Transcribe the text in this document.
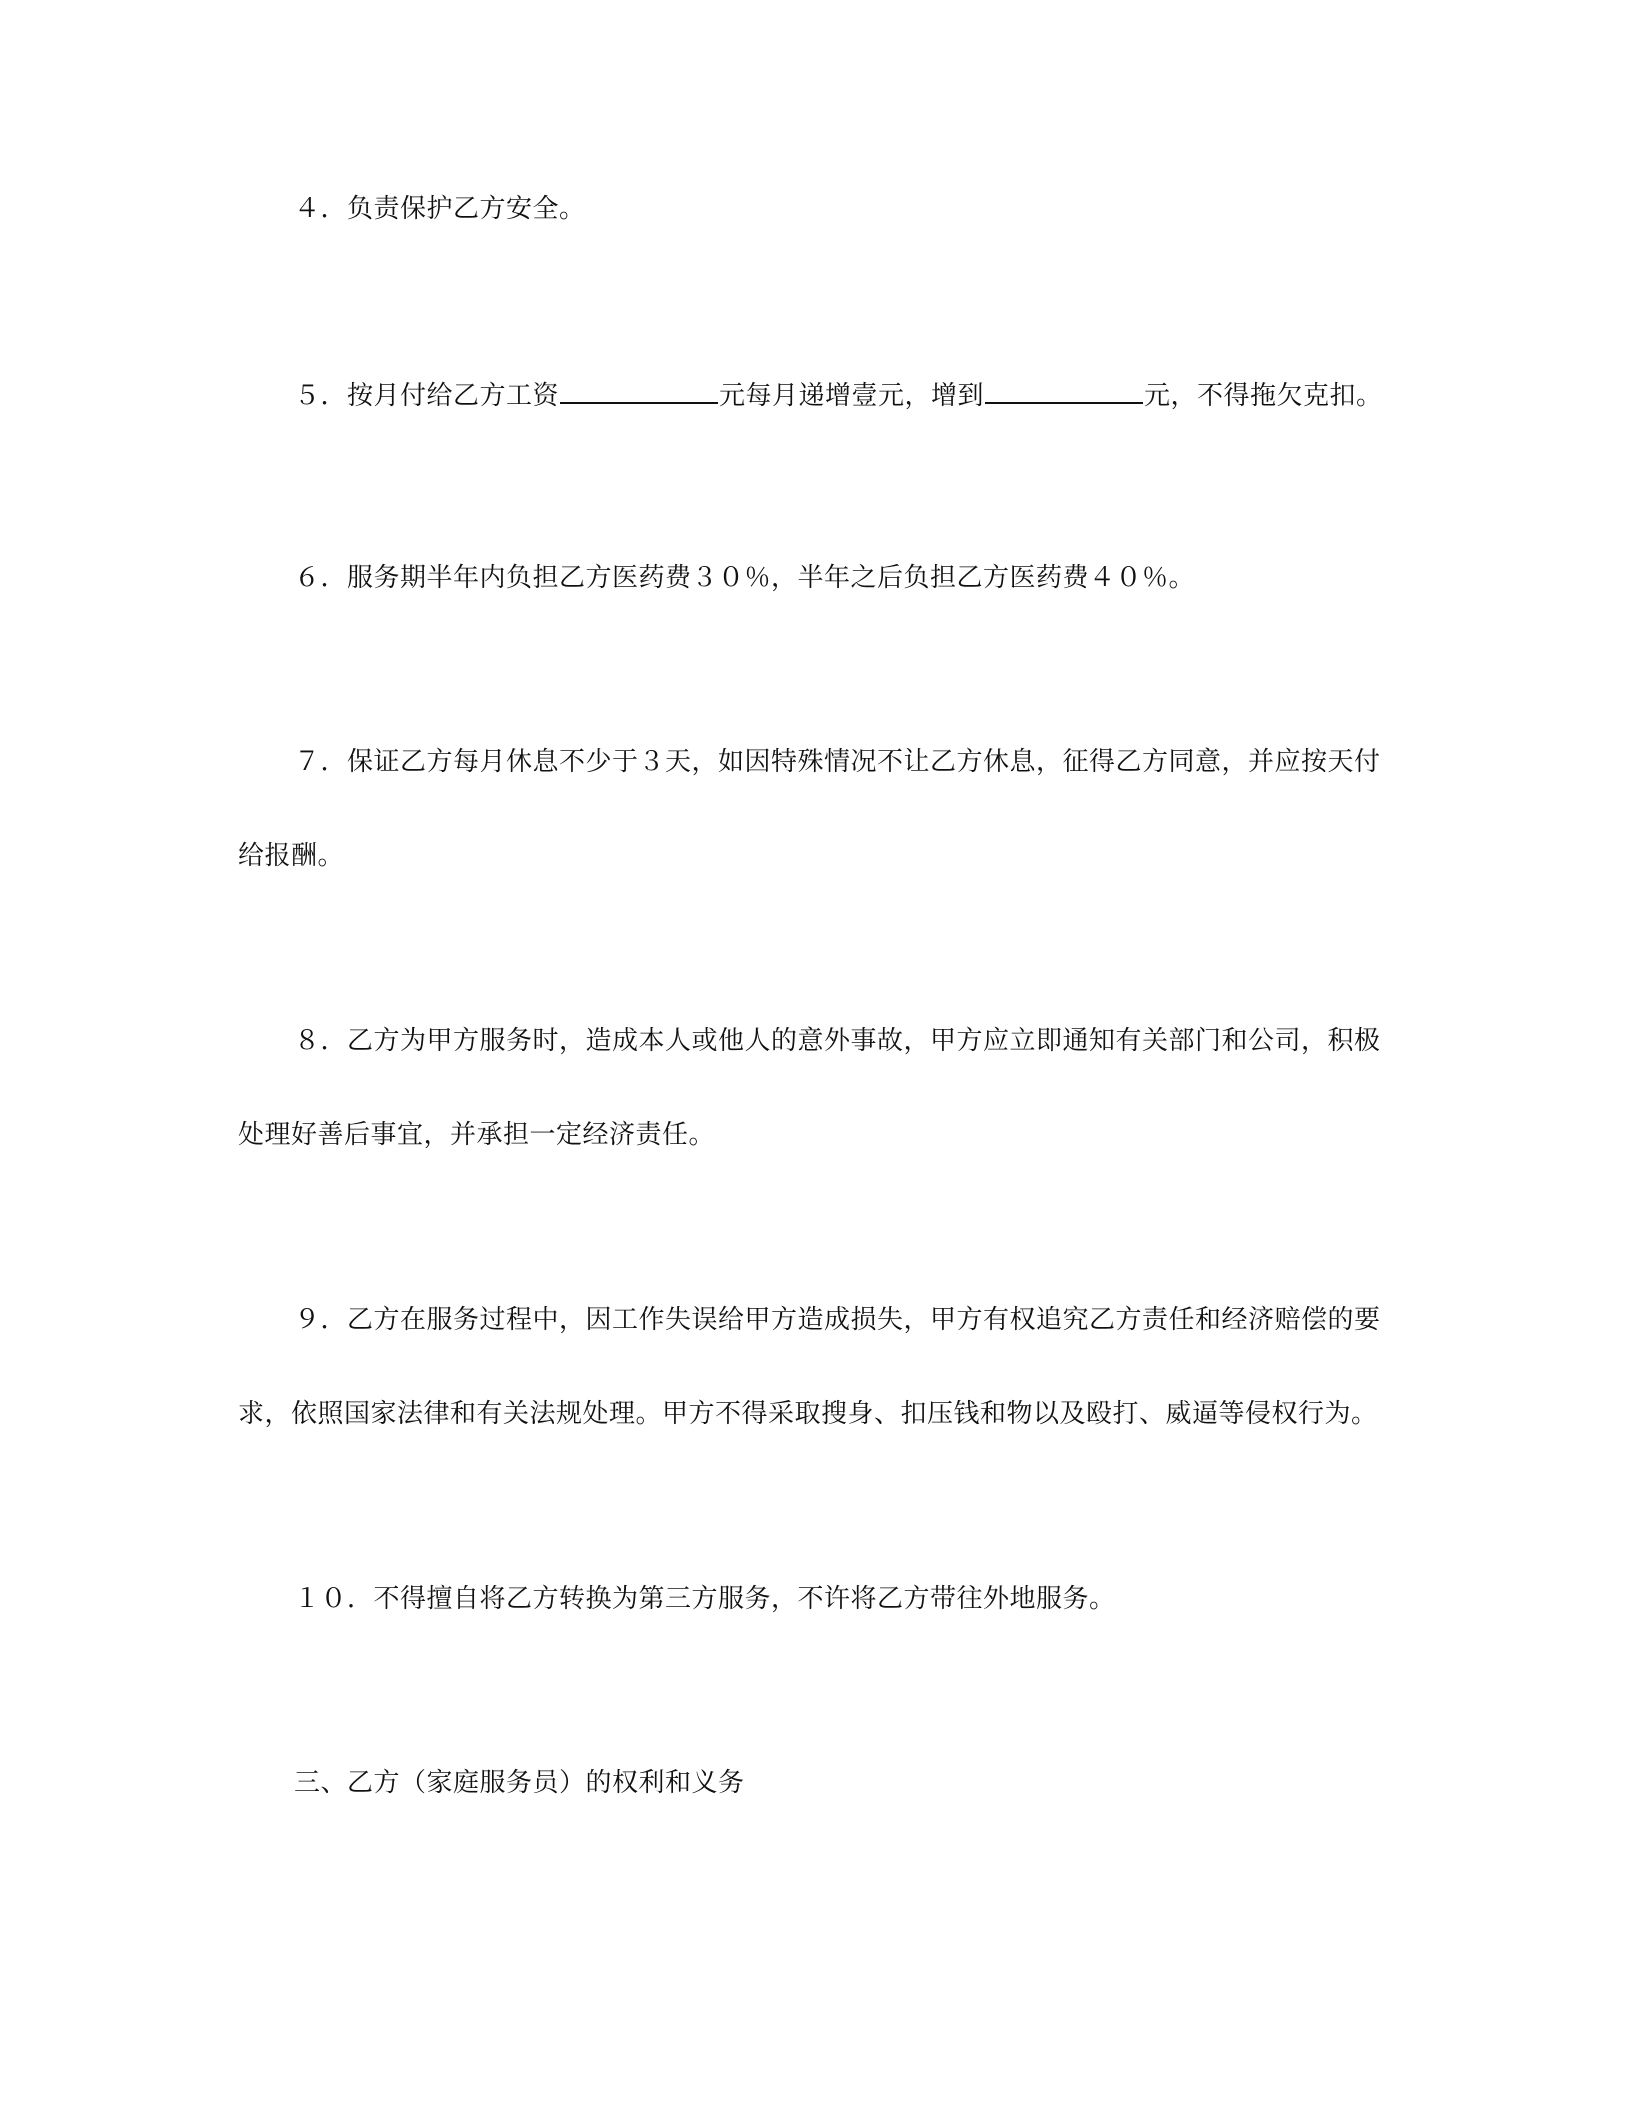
４．负责保护乙方安全。
５．按月付给乙方工资	元每月递增壹元，增到	元，不得拖欠克扣。
６．服务期半年内负担乙方医药费３０％，半年之后负担乙方医药费４０％。
７．保证乙方每月休息不少于３天，如因特殊情况不让乙方休息，征得乙方同意，并应按天付
给报酬。
８．乙方为甲方服务时，造成本人或他人的意外事故，甲方应立即通知有关部门和公司，积极
处理好善后事宜，并承担一定经济责任。
９．乙方在服务过程中，因工作失误给甲方造成损失，甲方有权追究乙方责任和经济赔偿的要
求，依照国家法律和有关法规处理。甲方不得采取搜身、扣压钱和物以及殴打、威逼等侵权行为。
１０．不得擅自将乙方转换为第三方服务，不许将乙方带往外地服务。
三、乙方（家庭服务员）的权利和义务
